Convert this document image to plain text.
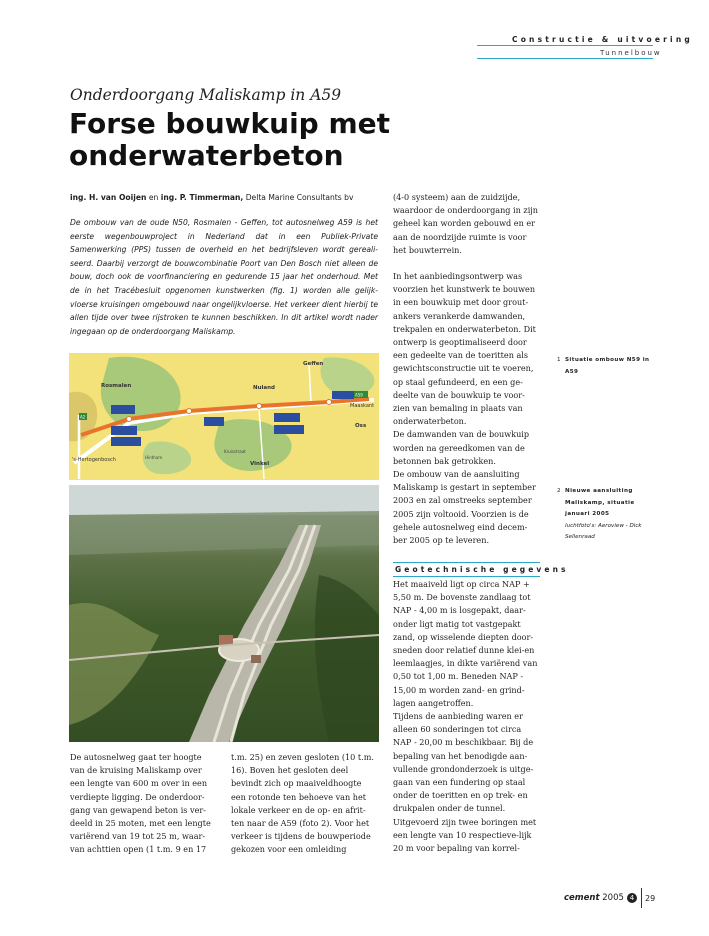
Constructie & uitvoering
Tunnelbouw
Onderdoorgang Maliskamp in A59
Forse bouwkuip met
onderwaterbeton
ing. H. van Ooijen en ing. P. Timmerman, Delta Marine Consultants bv
De ombouw van de oude N50, Rosmalen - Geffen, tot autosnelweg A59 is het eerste wegenbouwproject in Nederland dat in een Publiek-Private Samenwerking (PPS) tussen de overheid en het bedrijfsleven wordt gereali-seerd. Daarbij verzorgt de bouwcombinatie Poort van Den Bosch niet alleen de bouw, doch ook de voorfinanciering en gedurende 15 jaar het onderhoud. Met de in het Tracébesluit opgenomen kunstwerken (fig. 1) worden alle gelijk-vloerse kruisingen omgebouwd naar ongelijkvloerse. Het verkeer dient hierbij te allen tijde over twee rijstroken te kunnen beschikken. In dit artikel wordt nader ingegaan op de onderdoorgang Maliskamp.
Geffen
Rosmalen	Nuland
Maaskant
Oss
's-Hertogenbosch
Vinkel
Hintham
Kruisstraat
A2
A59
1 Situatie ombouw N59 in A59
2 Nieuwe aansluiting Maliskamp, situatie januari 2005
luchtfoto's: Aeroview - Dick Sellenraad

(4-0 systeem) aan de zuidzijde, waardoor de onderdoorgang in zijn geheel kan worden gebouwd en er aan de noordzijde ruimte is voor het bouwterrein.

In het aanbiedingsontwerp was voorzien het kunstwerk te bouwen in een bouwkuip met door grout-ankers verankerde damwanden, trekpalen en onderwaterbeton. Dit ontwerp is geoptimaliseerd door een gedeelte van de toeritten als gewichtsconstructie uit te voeren, op staal gefundeerd, en een ge-deelte van de bouwkuip te voor-zien van bemaling in plaats van onderwaterbeton.

De damwanden van de bouwkuip worden na gereedkomen van de betonnen bak getrokken.

De ombouw van de aansluiting Maliskamp is gestart in september 2003 en zal omstreeks september 2005 zijn voltooid. Voorzien is de gehele autosnelweg eind decem-ber 2005 op te leveren.

Geotechnische gegevens

Het maaiveld ligt op circa NAP + 5,50 m. De bovenste zandlaag tot NAP - 4,00 m is losgepakt, daar-onder ligt matig tot vastgepakt zand, op wisselende diepten door-sneden door relatief dunne klei-en leemlaagjes, in dikte variërend van 0,50 tot 1,00 m. Beneden NAP - 15,00 m worden zand- en grind-lagen aangetroffen.

Tijdens de aanbieding waren er alleen 60 sonderingen tot circa NAP - 20,00 m beschikbaar. Bij de bepaling van het benodigde aan-vullende grondonderzoek is uitge-gaan van een fundering op staal onder de toeritten en op trek- en drukpalen onder de tunnel. Uitgevoerd zijn twee boringen met een lengte van 10 respectieve-lijk 20 m voor bepaling van korrel-

De autosnelweg gaat ter hoogte van de kruising Maliskamp over een lengte van 600 m over in een verdiepte ligging. De onderdoor-gang van gewapend beton is ver-deeld in 25 moten, met een lengte variërend van 19 tot 25 m, waar-van achttien open (1 t.m. 9 en 17
t.m. 25) en zeven gesloten (10 t.m. 16). Boven het gesloten deel bevindt zich op maaiveldhoogte een rotonde ten behoeve van het lokale verkeer en de op- en afrit-ten naar de A59 (foto 2). Voor het verkeer is tijdens de bouwperiode gekozen voor een omleiding
cement 2005 4	29
